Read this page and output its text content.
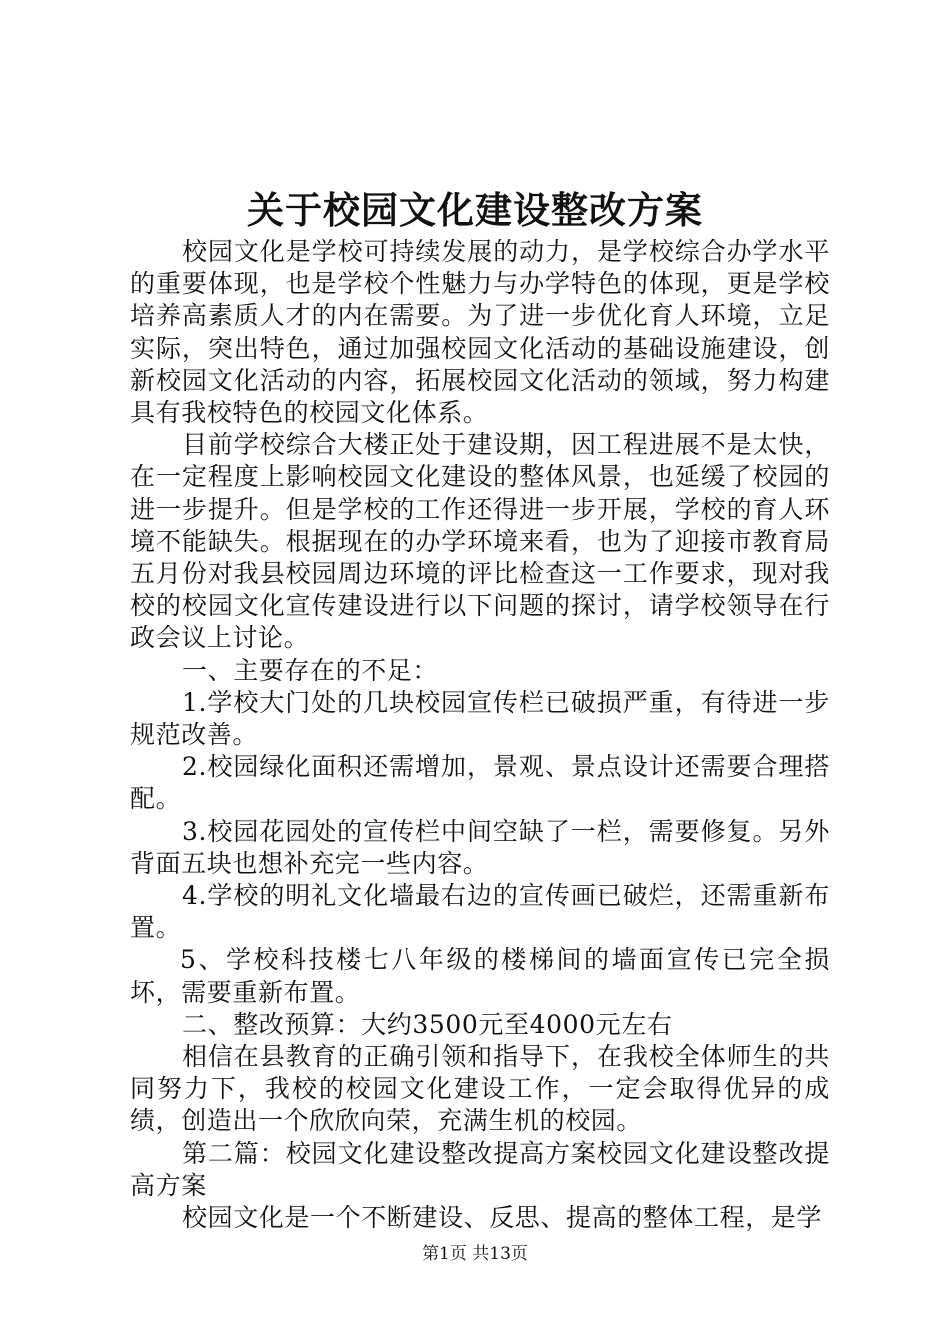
关于校园文化建设整改方案

校园文化是学校可持续发展的动力，是学校综合办学水平的重要体现，也是学校个性魅力与办学特色的体现，更是学校培养高素质人才的内在需要。为了进一步优化育人环境，立足实际，突出特色，通过加强校园文化活动的基础设施建设，创新校园文化活动的内容，拓展校园文化活动的领域，努力构建具有我校特色的校园文化体系。

目前学校综合大楼正处于建设期，因工程进展不是太快，在一定程度上影响校园文化建设的整体风景，也延缓了校园的进一步提升。但是学校的工作还得进一步开展，学校的育人环境不能缺失。根据现在的办学环境来看，也为了迎接市教育局五月份对我县校园周边环境的评比检查这一工作要求，现对我校的校园文化宣传建设进行以下问题的探讨，请学校领导在行政会议上讨论。

一、主要存在的不足：

1.学校大门处的几块校园宣传栏已破损严重，有待进一步规范改善。

2.校园绿化面积还需增加，景观、景点设计还需要合理搭配。

3.校园花园处的宣传栏中间空缺了一栏，需要修复。另外背面五块也想补充完一些内容。

4.学校的明礼文化墙最右边的宣传画已破烂，还需重新布置。

5、学校科技楼七八年级的楼梯间的墙面宣传已完全损坏，需要重新布置。

二、整改预算：大约3500元至4000元左右

相信在县教育的正确引领和指导下，在我校全体师生的共同努力下，我校的校园文化建设工作，一定会取得优异的成绩，创造出一个欣欣向荣，充满生机的校园。

第二篇：校园文化建设整改提高方案校园文化建设整改提高方案

校园文化是一个不断建设、反思、提高的整体工程，是学

第1页 共13页
